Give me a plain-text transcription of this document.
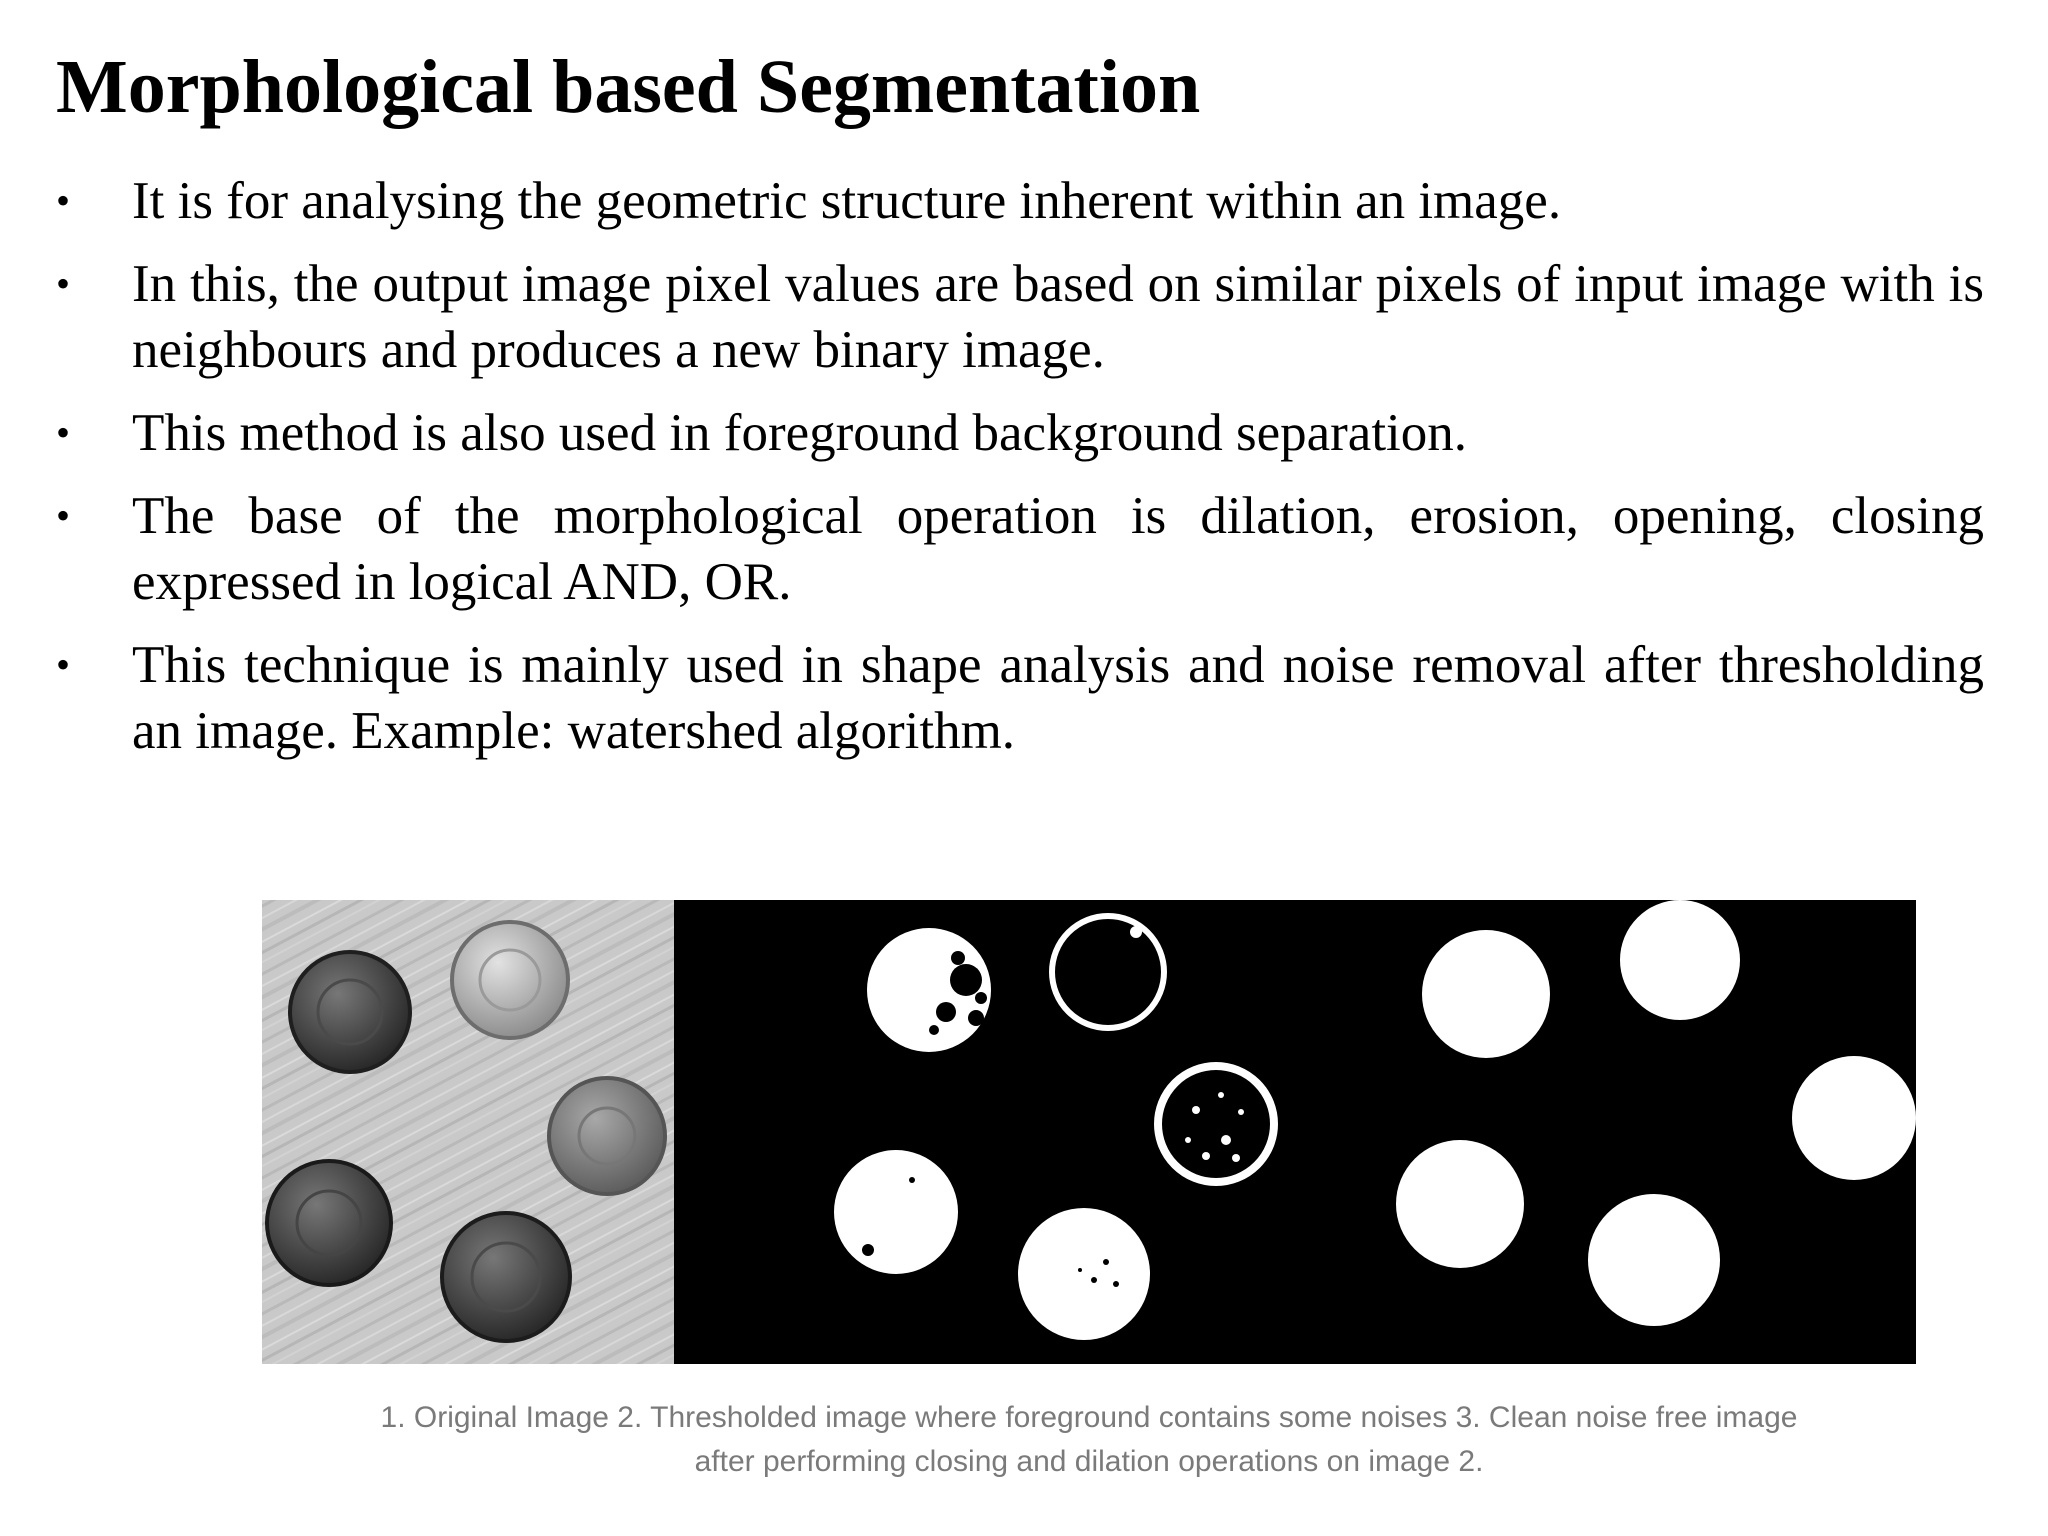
Morphological based Segmentation
•	It is for analysing the geometric structure inherent within an image.
•	In this, the output image pixel values are based on similar pixels of input image with is neighbours and produces a new binary image.
•	This method is also used in foreground background separation.
•	The base of the morphological operation is dilation, erosion, opening, closing expressed in logical AND, OR.
•	This technique is mainly used in shape analysis and noise removal after thresholding an image. Example: watershed algorithm.

1. Original Image 2. Thresholded image where foreground contains some noises 3. Clean noise free image
after performing closing and dilation operations on image 2.
